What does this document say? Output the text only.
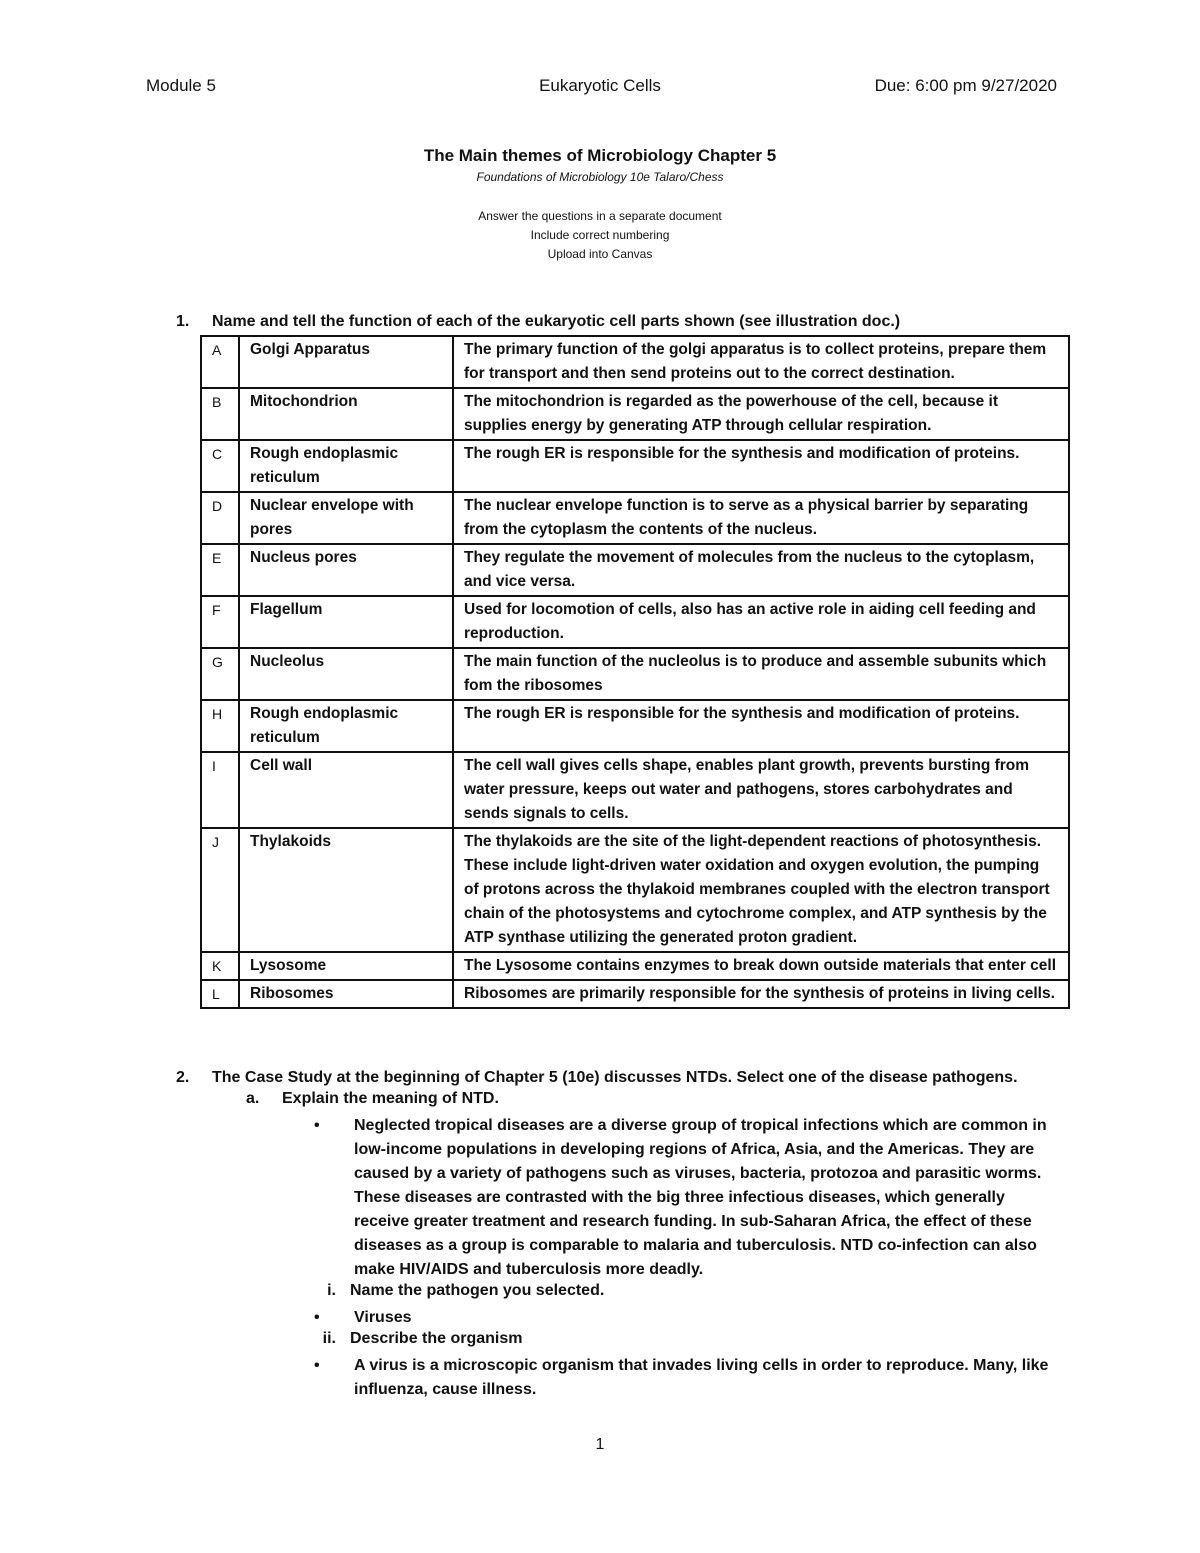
Module 5	Eukaryotic Cells	Due: 6:00 pm 9/27/2020
The Main themes of Microbiology Chapter 5
Foundations of Microbiology 10e Talaro/Chess
Answer the questions in a separate document
Include correct numbering
Upload into Canvas
1. Name and tell the function of each of the eukaryotic cell parts shown (see illustration doc.)
A	Golgi Apparatus	The primary function of the golgi apparatus is to collect proteins, prepare them for transport and then send proteins out to the correct destination.
B	Mitochondrion	The mitochondrion is regarded as the powerhouse of the cell, because it supplies energy by generating ATP through cellular respiration.
C	Rough endoplasmic reticulum	The rough ER is responsible for the synthesis and modification of proteins.
D	Nuclear envelope with pores	The nuclear envelope function is to serve as a physical barrier by separating from the cytoplasm the contents of the nucleus.
E	Nucleus pores	They regulate the movement of molecules from the nucleus to the cytoplasm, and vice versa.
F	Flagellum	Used for locomotion of cells, also has an active role in aiding cell feeding and reproduction.
G	Nucleolus	The main function of the nucleolus is to produce and assemble subunits which fom the ribosomes
H	Rough endoplasmic reticulum	The rough ER is responsible for the synthesis and modification of proteins.
I	Cell wall	The cell wall gives cells shape, enables plant growth, prevents bursting from water pressure, keeps out water and pathogens, stores carbohydrates and sends signals to cells.
J	Thylakoids	The thylakoids are the site of the light-dependent reactions of photosynthesis. These include light-driven water oxidation and oxygen evolution, the pumping of protons across the thylakoid membranes coupled with the electron transport chain of the photosystems and cytochrome complex, and ATP synthesis by the ATP synthase utilizing the generated proton gradient.
K	Lysosome	The Lysosome contains enzymes to break down outside materials that enter cell
L	Ribosomes	Ribosomes are primarily responsible for the synthesis of proteins in living cells.
2. The Case Study at the beginning of Chapter 5 (10e) discusses NTDs. Select one of the disease pathogens.
a. Explain the meaning of NTD.
• Neglected tropical diseases are a diverse group of tropical infections which are common in low-income populations in developing regions of Africa, Asia, and the Americas. They are caused by a variety of pathogens such as viruses, bacteria, protozoa and parasitic worms. These diseases are contrasted with the big three infectious diseases, which generally receive greater treatment and research funding. In sub-Saharan Africa, the effect of these diseases as a group is comparable to malaria and tuberculosis. NTD co-infection can also make HIV/AIDS and tuberculosis more deadly.
i. Name the pathogen you selected.
• Viruses
ii. Describe the organism
• A virus is a microscopic organism that invades living cells in order to reproduce. Many, like influenza, cause illness.
1
